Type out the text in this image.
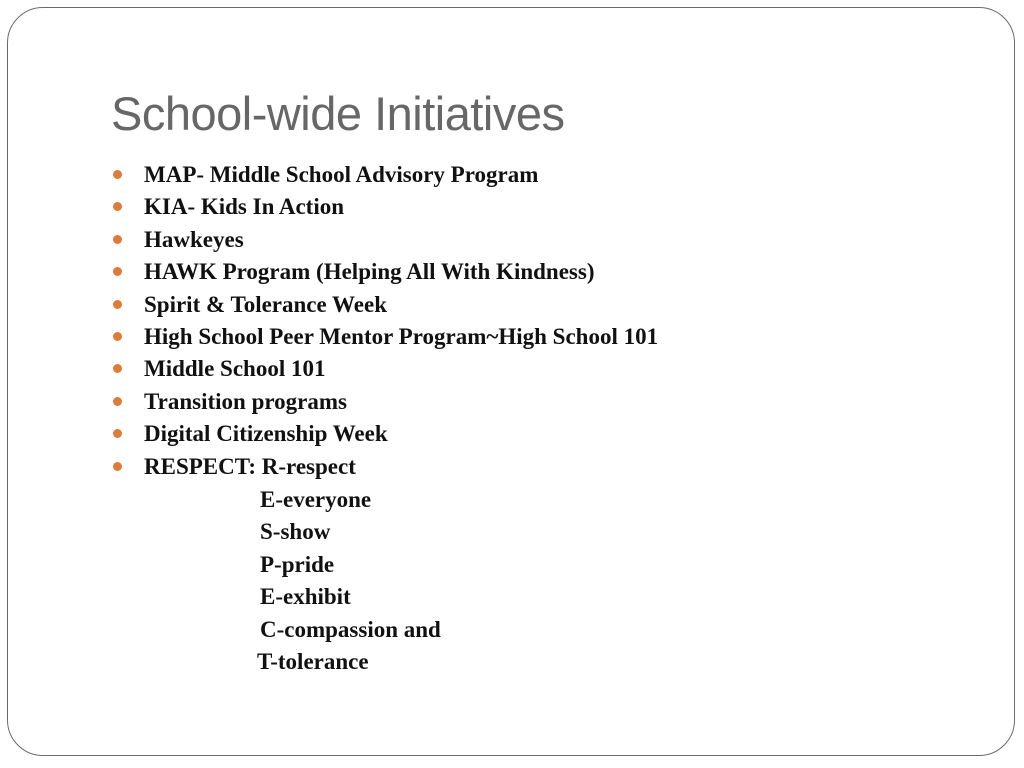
School-wide Initiatives
MAP- Middle School Advisory Program
KIA- Kids In Action
Hawkeyes
HAWK Program (Helping All With Kindness)
Spirit & Tolerance Week
High School Peer Mentor Program~High School 101
Middle School 101
Transition programs
Digital Citizenship Week
RESPECT: R-respect
E-everyone
S-show
P-pride
E-exhibit
C-compassion and
T-tolerance
